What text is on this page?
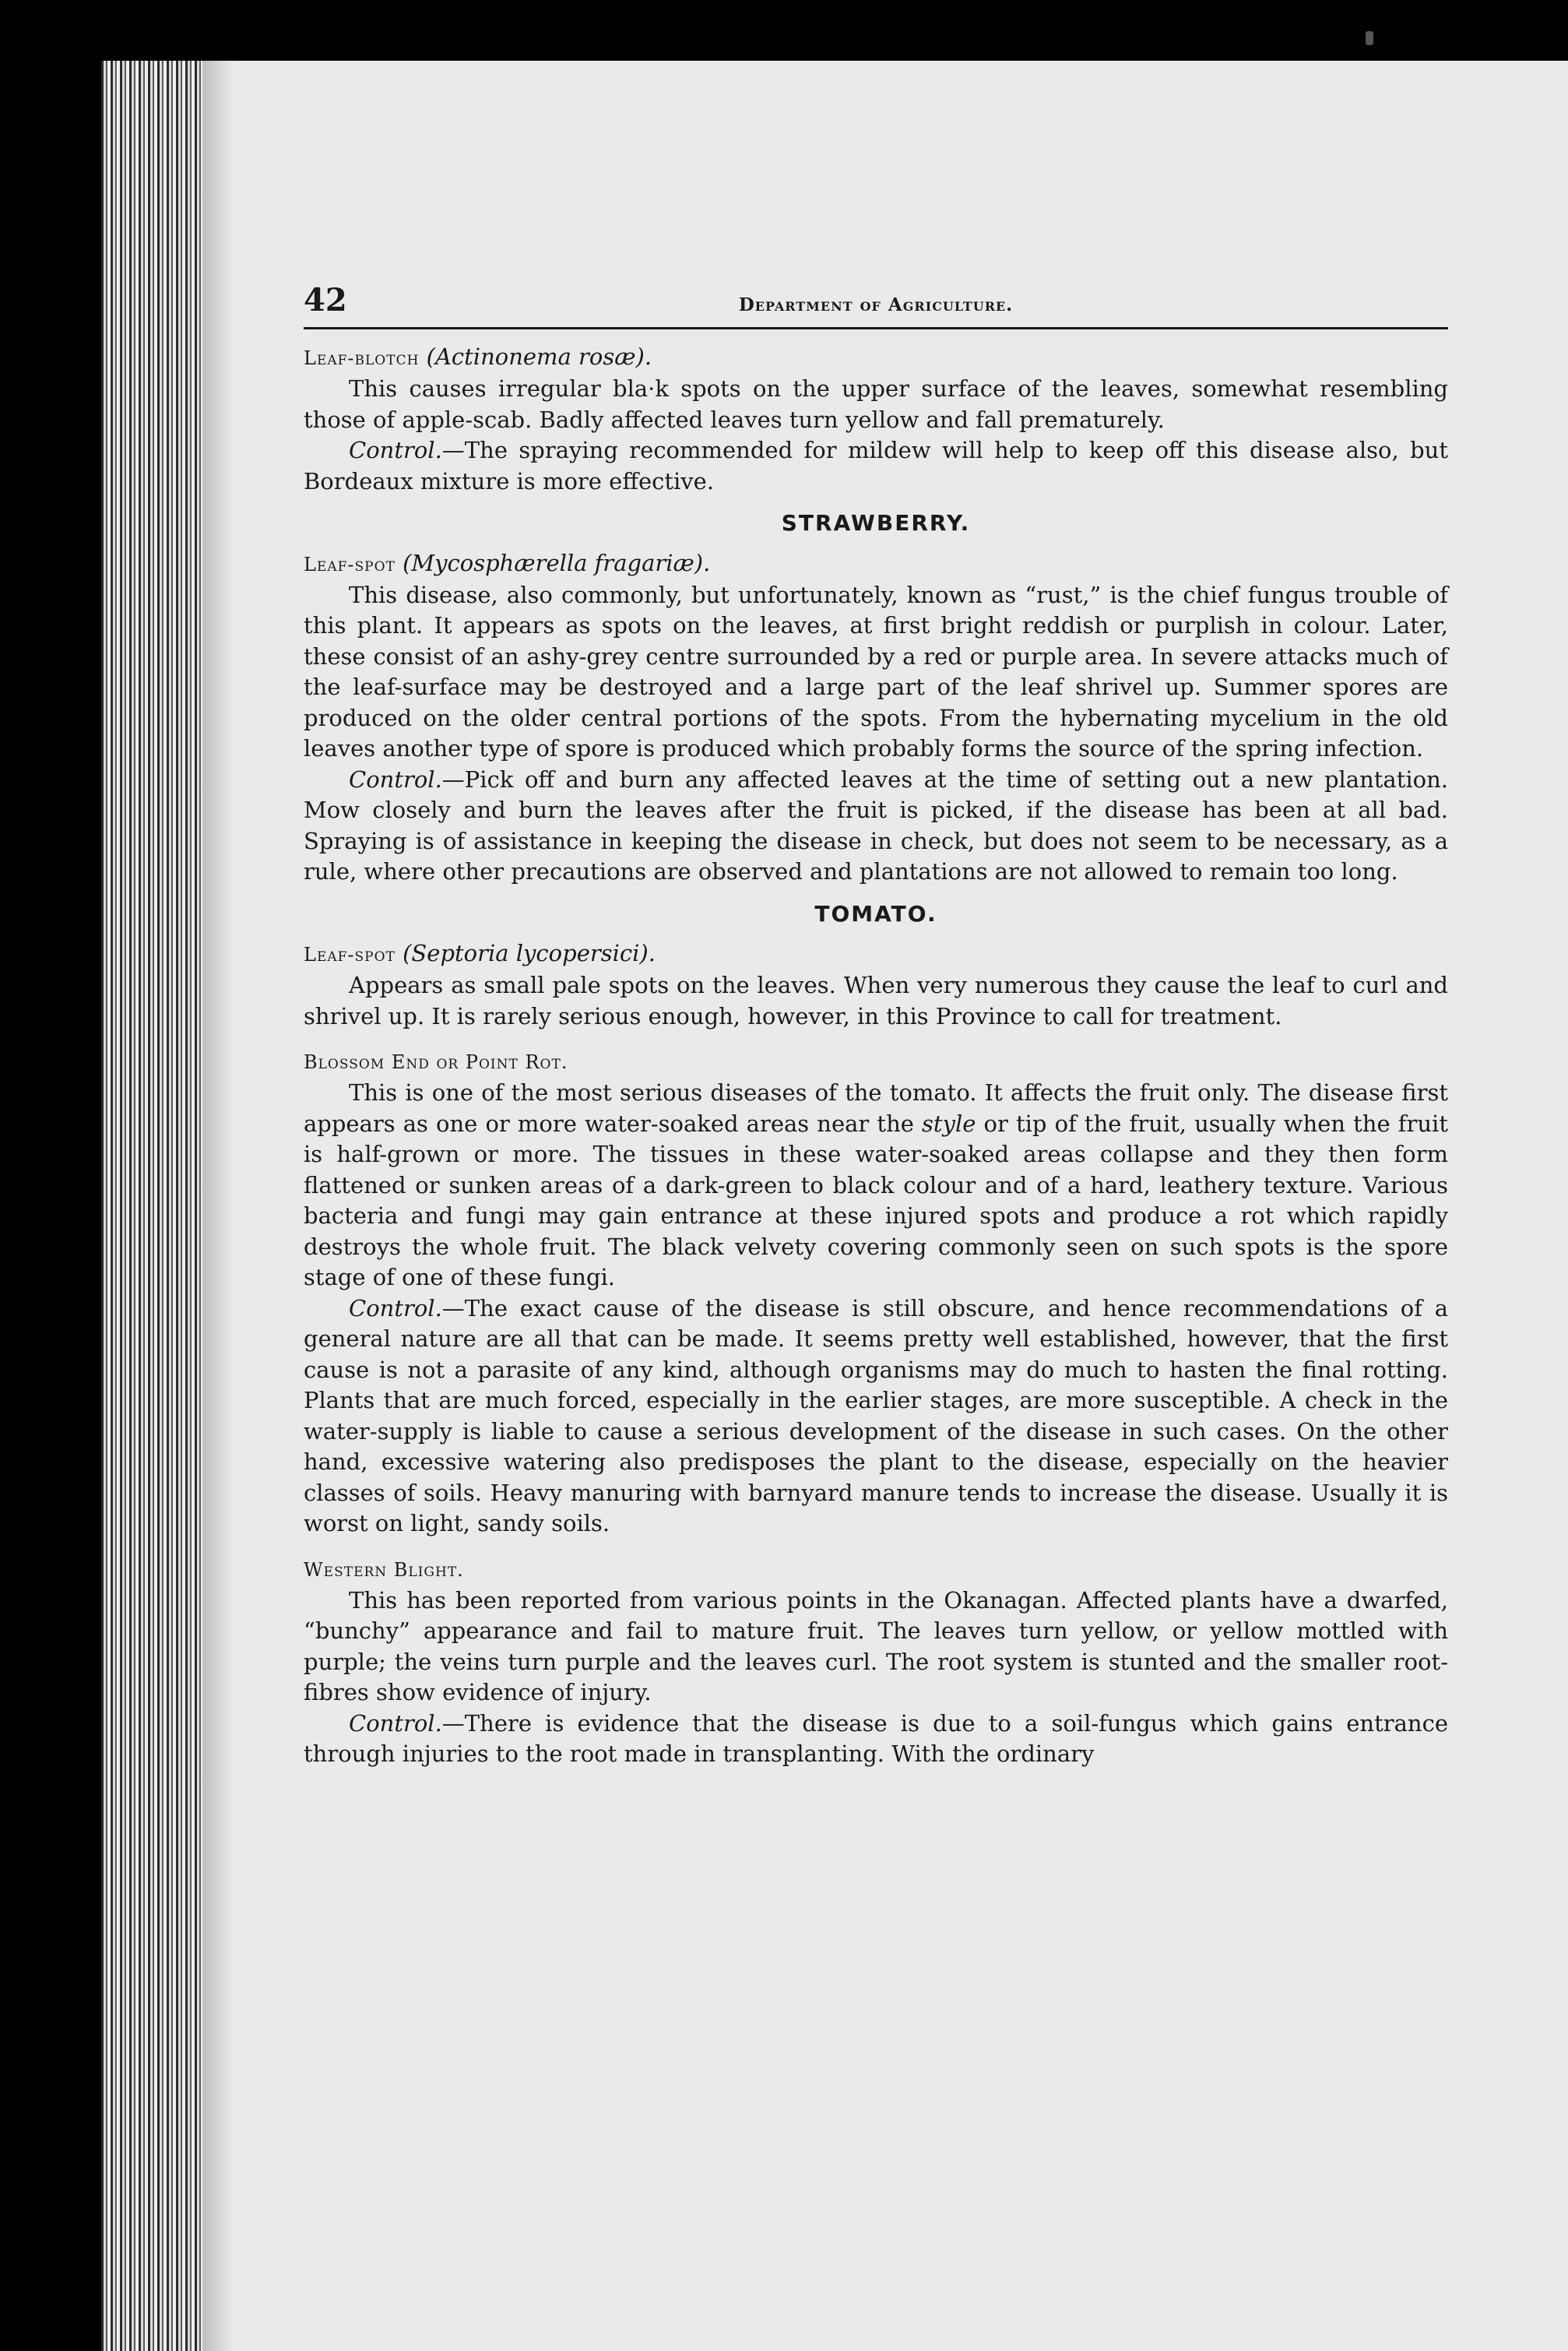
42	Department of Agriculture.
Leaf-blotch (Actinonema rosæ).

This causes irregular bla·k spots on the upper surface of the leaves, somewhat resembling those of apple-scab. Badly affected leaves turn yellow and fall prematurely.

Control.—The spraying recommended for mildew will help to keep off this disease also, but Bordeaux mixture is more effective.

STRAWBERRY.
Leaf-spot (Mycosphærella fragariæ).

This disease, also commonly, but unfortunately, known as “rust,” is the chief fungus trouble of this plant. It appears as spots on the leaves, at first bright reddish or purplish in colour. Later, these consist of an ashy-grey centre surrounded by a red or purple area. In severe attacks much of the leaf-surface may be destroyed and a large part of the leaf shrivel up. Summer spores are produced on the older central portions of the spots. From the hybernating mycelium in the old leaves another type of spore is produced which probably forms the source of the spring infection.

Control.—Pick off and burn any affected leaves at the time of setting out a new plantation. Mow closely and burn the leaves after the fruit is picked, if the disease has been at all bad. Spraying is of assistance in keeping the disease in check, but does not seem to be necessary, as a rule, where other precautions are observed and plantations are not allowed to remain too long.

TOMATO.
Leaf-spot (Septoria lycopersici).

Appears as small pale spots on the leaves. When very numerous they cause the leaf to curl and shrivel up. It is rarely serious enough, however, in this Province to call for treatment.

Blossom End or Point Rot.

This is one of the most serious diseases of the tomato. It affects the fruit only. The disease first appears as one or more water-soaked areas near the style or tip of the fruit, usually when the fruit is half-grown or more. The tissues in these water-soaked areas collapse and they then form flattened or sunken areas of a dark-green to black colour and of a hard, leathery texture. Various bacteria and fungi may gain entrance at these injured spots and produce a rot which rapidly destroys the whole fruit. The black velvety covering commonly seen on such spots is the spore stage of one of these fungi.

Control.—The exact cause of the disease is still obscure, and hence recommendations of a general nature are all that can be made. It seems pretty well established, however, that the first cause is not a parasite of any kind, although organisms may do much to hasten the final rotting. Plants that are much forced, especially in the earlier stages, are more susceptible. A check in the water-supply is liable to cause a serious development of the disease in such cases. On the other hand, excessive watering also predisposes the plant to the disease, especially on the heavier classes of soils. Heavy manuring with barnyard manure tends to increase the disease. Usually it is worst on light, sandy soils.

Western Blight.

This has been reported from various points in the Okanagan. Affected plants have a dwarfed, “bunchy” appearance and fail to mature fruit. The leaves turn yellow, or yellow mottled with purple; the veins turn purple and the leaves curl. The root system is stunted and the smaller root-fibres show evidence of injury.

Control.—There is evidence that the disease is due to a soil-fungus which gains entrance through injuries to the root made in transplanting. With the ordinary
